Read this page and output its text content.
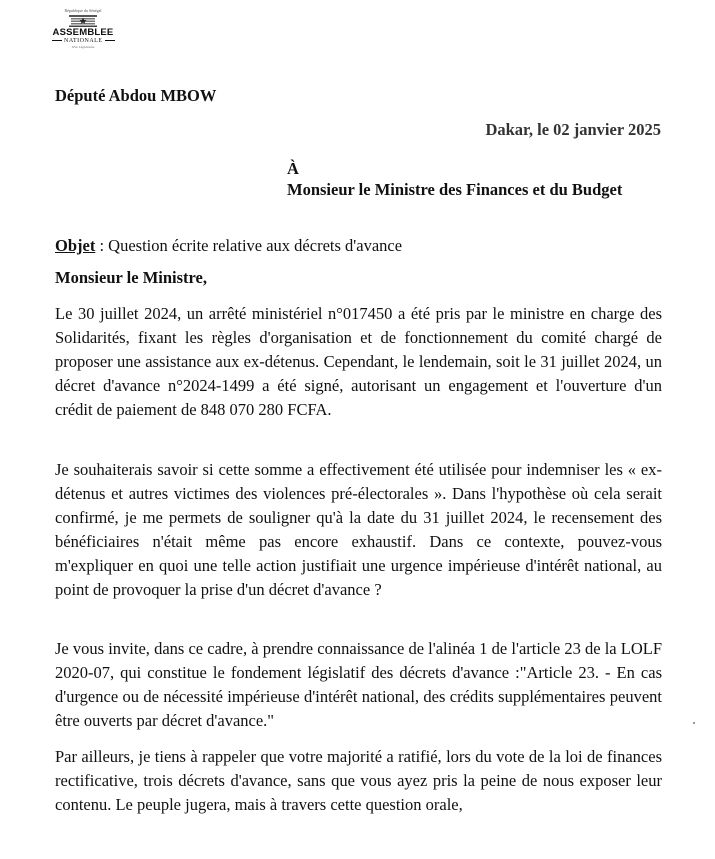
République du Sénégal
ASSEMBLEE
NATIONALE
XVe Législature
Député Abdou MBOW
Dakar, le 02 janvier 2025
À
Monsieur le Ministre des Finances et du Budget
Objet : Question écrite relative aux décrets d'avance
Monsieur le Ministre,

Le 30 juillet 2024, un arrêté ministériel n°017450 a été pris par le ministre en charge des Solidarités, fixant les règles d'organisation et de fonctionnement du comité chargé de proposer une assistance aux ex-détenus. Cependant, le lendemain, soit le 31 juillet 2024, un décret d'avance n°2024-1499 a été signé, autorisant un engagement et l'ouverture d'un crédit de paiement de 848 070 280 FCFA.

Je souhaiterais savoir si cette somme a effectivement été utilisée pour indemniser les « ex-détenus et autres victimes des violences pré-électorales ». Dans l'hypothèse où cela serait confirmé, je me permets de souligner qu'à la date du 31 juillet 2024, le recensement des bénéficiaires n'était même pas encore exhaustif. Dans ce contexte, pouvez-vous m'expliquer en quoi une telle action justifiait une urgence impérieuse d'intérêt national, au point de provoquer la prise d'un décret d'avance ?

Je vous invite, dans ce cadre, à prendre connaissance de l'alinéa 1 de l'article 23 de la LOLF 2020-07, qui constitue le fondement législatif des décrets d'avance :"Article 23. - En cas d'urgence ou de nécessité impérieuse d'intérêt national, des crédits supplémentaires peuvent être ouverts par décret d'avance."

Par ailleurs, je tiens à rappeler que votre majorité a ratifié, lors du vote de la loi de finances rectificative, trois décrets d'avance, sans que vous ayez pris la peine de nous exposer leur contenu. Le peuple jugera, mais à travers cette question orale,
